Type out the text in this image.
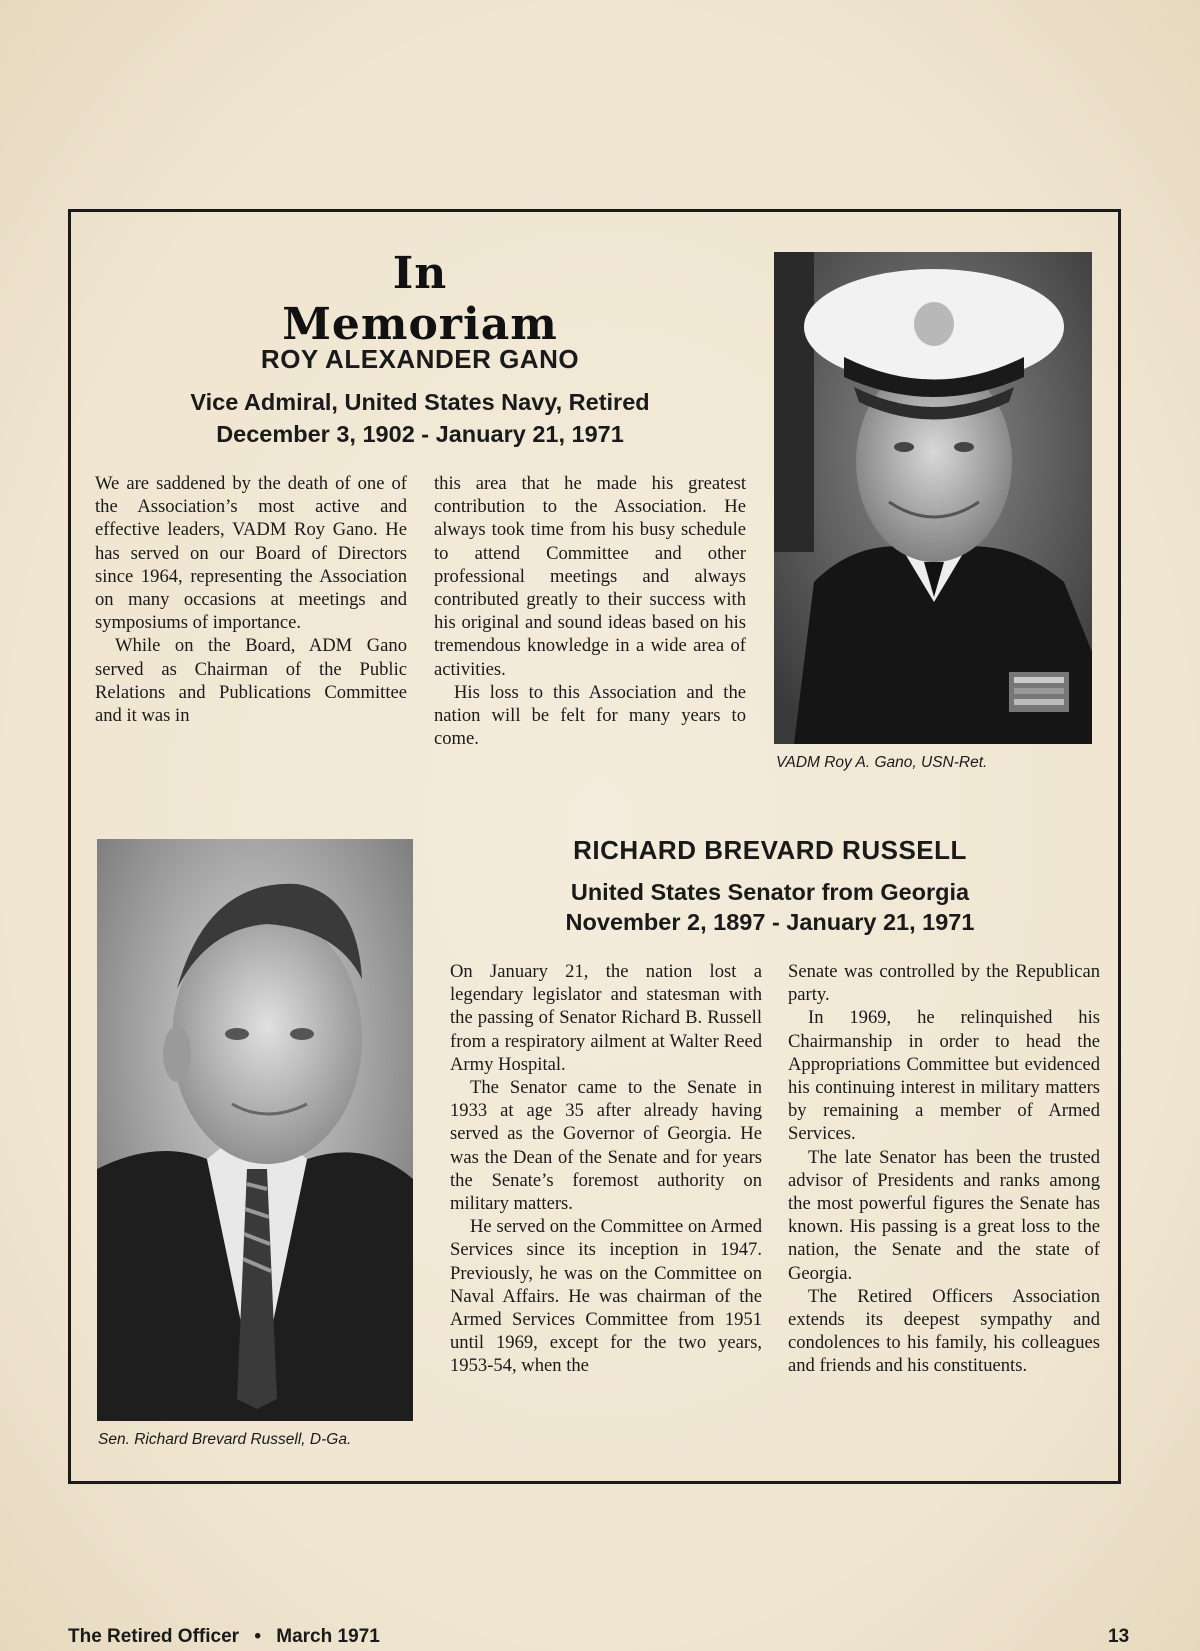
In Memoriam
ROY ALEXANDER GANO
Vice Admiral, United States Navy, Retired
December 3, 1902 - January 21, 1971

We are saddened by the death of one of the Association’s most active and effective leaders, VADM Roy Gano. He has served on our Board of Directors since 1964, representing the Association on many occasions at meetings and symposiums of importance.

While on the Board, ADM Gano served as Chairman of the Public Relations and Publications Committee and it was in

this area that he made his greatest contribution to the Association. He always took time from his busy schedule to attend Committee and other professional meetings and always contributed greatly to their success with his original and sound ideas based on his tremendous knowledge in a wide area of activities.

His loss to this Association and the nation will be felt for many years to come.

VADM Roy A. Gano, USN-Ret.
Sen. Richard Brevard Russell, D-Ga.
RICHARD BREVARD RUSSELL
United States Senator from Georgia
November 2, 1897 - January 21, 1971

On January 21, the nation lost a legendary legislator and statesman with the passing of Senator Richard B. Russell from a respiratory ailment at Walter Reed Army Hospital.

The Senator came to the Senate in 1933 at age 35 after already having served as the Governor of Georgia. He was the Dean of the Senate and for years the Senate’s foremost authority on military matters.

He served on the Committee on Armed Services since its inception in 1947. Previously, he was on the Committee on Naval Affairs. He was chairman of the Armed Services Committee from 1951 until 1969, except for the two years, 1953-54, when the

Senate was controlled by the Republican party.

In 1969, he relinquished his Chairmanship in order to head the Appropriations Committee but evidenced his continuing interest in military matters by remaining a member of Armed Services.

The late Senator has been the trusted advisor of Presidents and ranks among the most powerful figures the Senate has known. His passing is a great loss to the nation, the Senate and the state of Georgia.

The Retired Officers Association extends its deepest sympathy and condolences to his family, his colleagues and friends and his constituents.

The Retired Officer • March 1971	13
